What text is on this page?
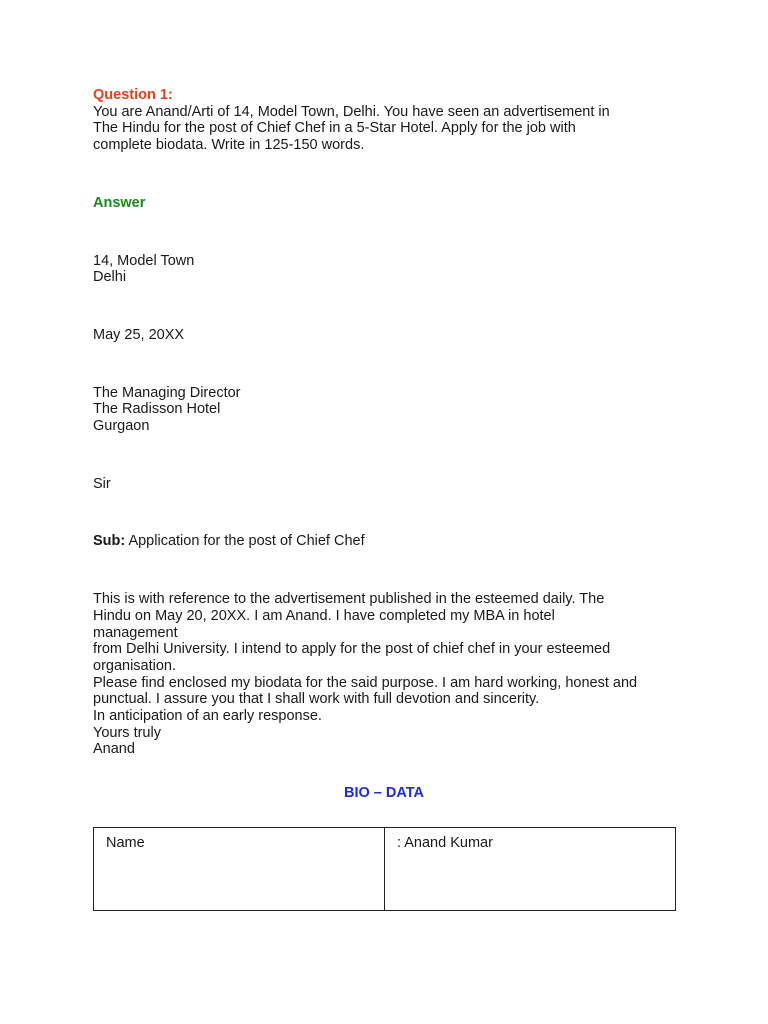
Question 1:
You are Anand/Arti of 14, Model Town, Delhi. You have seen an advertisement in
The Hindu for the post of Chief Chef in a 5-Star Hotel. Apply for the job with
complete biodata. Write in 125-150 words.
Answer
14, Model Town
Delhi
May 25, 20XX
The Managing Director
The Radisson Hotel
Gurgaon
Sir
Sub: Application for the post of Chief Chef
This is with reference to the advertisement published in the esteemed daily. The
Hindu on May 20, 20XX. I am Anand. I have completed my MBA in hotel
management
from Delhi University. I intend to apply for the post of chief chef in your esteemed
organisation.
Please find enclosed my biodata for the said purpose. I am hard working, honest and
punctual. I assure you that I shall work with full devotion and sincerity.
In anticipation of an early response.
Yours truly
Anand
BIO – DATA
Name	: Anand Kumar
